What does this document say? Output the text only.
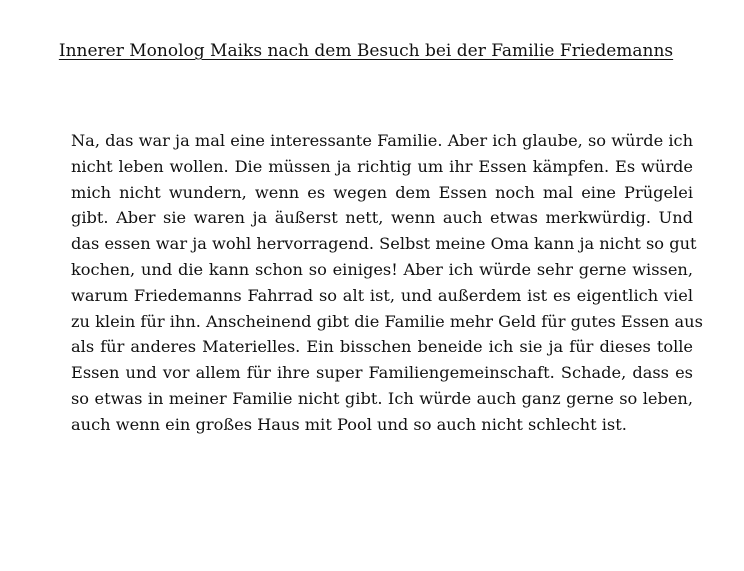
Innerer Monolog Maiks nach dem Besuch bei der Familie Friedemanns
Na, das war ja mal eine interessante Familie. Aber ich glaube, so würde ich
nicht leben wollen. Die müssen ja richtig um ihr Essen kämpfen. Es würde
mich nicht wundern, wenn es wegen dem Essen noch mal eine Prügelei
gibt. Aber sie waren ja äußerst nett, wenn auch etwas merkwürdig. Und
das essen war ja wohl hervorragend. Selbst meine Oma kann ja nicht so gut
kochen, und die kann schon so einiges! Aber ich würde sehr gerne wissen,
warum Friedemanns Fahrrad so alt ist, und außerdem ist es eigentlich viel
zu klein für ihn. Anscheinend gibt die Familie mehr Geld für gutes Essen aus
als für anderes Materielles. Ein bisschen beneide ich sie ja für dieses tolle
Essen und vor allem für ihre super Familiengemeinschaft. Schade, dass es
so etwas in meiner Familie nicht gibt. Ich würde auch ganz gerne so leben,
auch wenn ein großes Haus mit Pool und so auch nicht schlecht ist.
